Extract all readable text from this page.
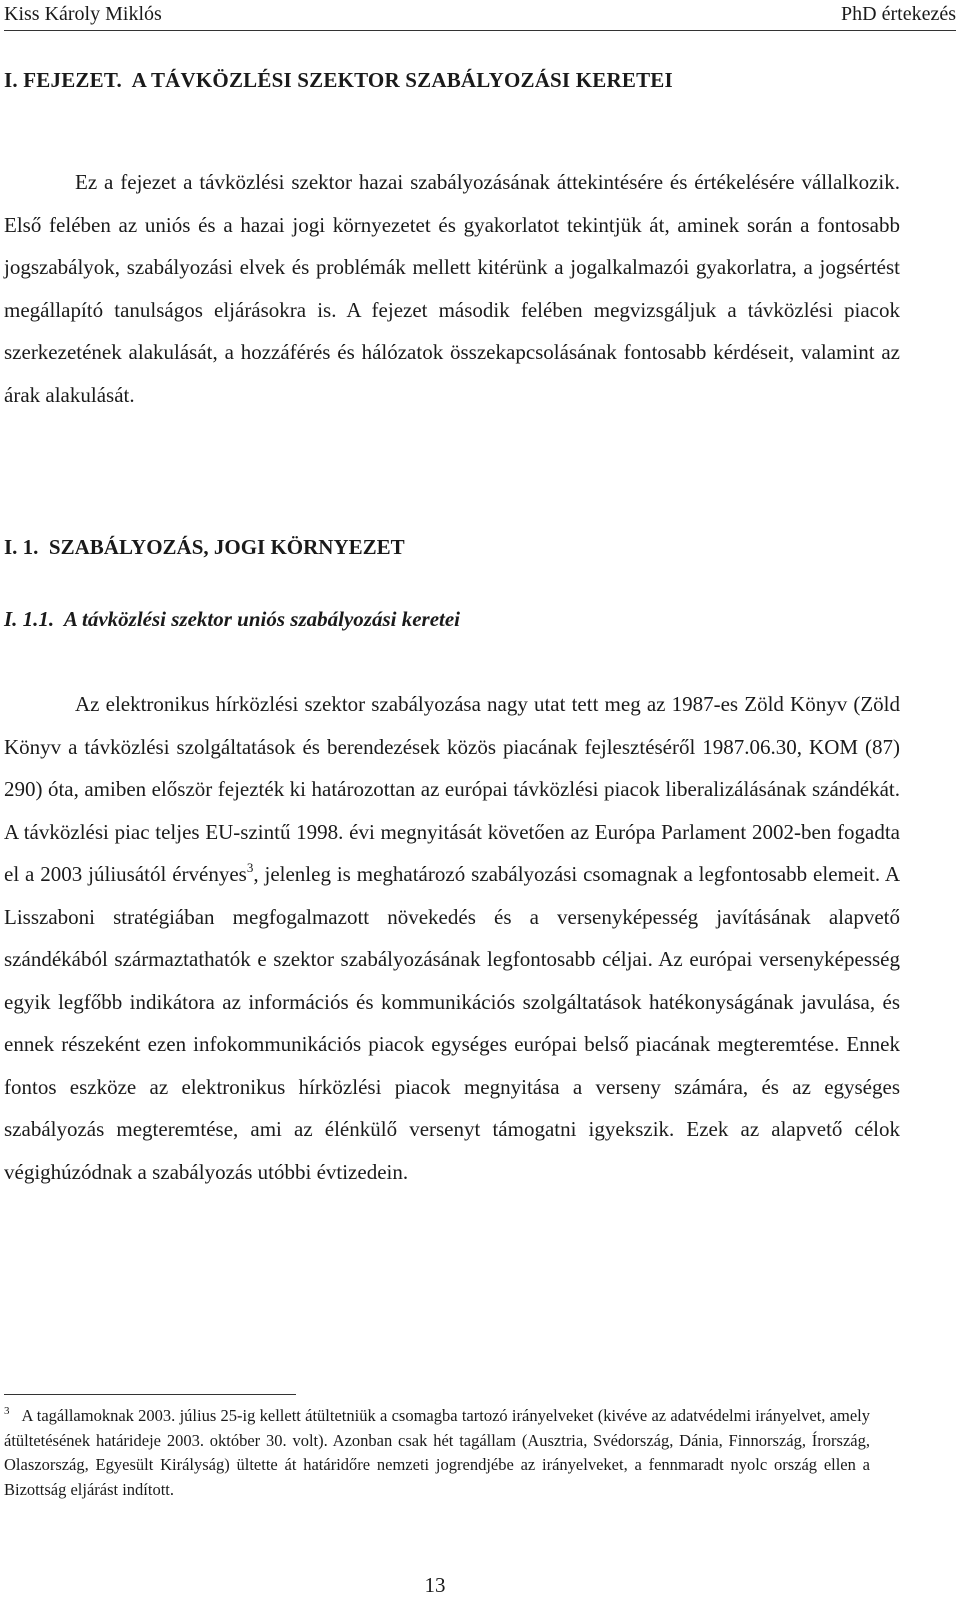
Kiss Károly Miklós	PhD értekezés
I. FEJEZET.  A TÁVKÖZLÉSI SZEKTOR SZABÁLYOZÁSI KERETEI

Ez a fejezet a távközlési szektor hazai szabályozásának áttekintésére és értékelésére vállalkozik. Első felében az uniós és a hazai jogi környezetet és gyakorlatot tekintjük át, aminek során a fontosabb jogszabályok, szabályozási elvek és problémák mellett kitérünk a jogalkalmazói gyakorlatra, a jogsértést megállapító tanulságos eljárásokra is. A fejezet második felében megvizsgáljuk a távközlési piacok szerkezetének alakulását, a hozzáférés és hálózatok összekapcsolásának fontosabb kérdéseit, valamint az árak alakulását.

I. 1.  SZABÁLYOZÁS, JOGI KÖRNYEZET
I. 1.1.  A távközlési szektor uniós szabályozási keretei

Az elektronikus hírközlési szektor szabályozása nagy utat tett meg az 1987-es Zöld Könyv (Zöld Könyv a távközlési szolgáltatások és berendezések közös piacának fejlesztéséről 1987.06.30, KOM (87) 290) óta, amiben először fejezték ki határozottan az európai távközlési piacok liberalizálásának szándékát. A távközlési piac teljes EU-szintű 1998. évi megnyitását követően az Európa Parlament 2002-ben fogadta el a 2003 júliusától érvényes$^3$, jelenleg is meghatározó szabályozási csomagnak a legfontosabb elemeit. A Lisszaboni stratégiában megfogalmazott növekedés és a versenyképesség javításának alapvető szándékából származtathatók e szektor szabályozásának legfontosabb céljai. Az európai versenyképesség egyik legfőbb indikátora az információs és kommunikációs szolgáltatások hatékonyságának javulása, és ennek részeként ezen infokommunikációs piacok egységes európai belső piacának megteremtése. Ennek fontos eszköze az elektronikus hírközlési piacok megnyitása a verseny számára, és az egységes szabályozás megteremtése, ami az élénkülő versenyt támogatni igyekszik. Ezek az alapvető célok végighúzódnak a szabályozás utóbbi évtizedein.

$^3$ A tagállamoknak 2003. július 25-ig kellett átültetniük a csomagba tartozó irányelveket (kivéve az adatvédelmi irányelvet, amely átültetésének határideje 2003. október 30. volt). Azonban csak hét tagállam (Ausztria, Svédország, Dánia, Finnország, Írország, Olaszország, Egyesült Királyság) ültette át határidőre nemzeti jogrendjébe az irányelveket, a fennmaradt nyolc ország ellen a Bizottság eljárást indított.

13
